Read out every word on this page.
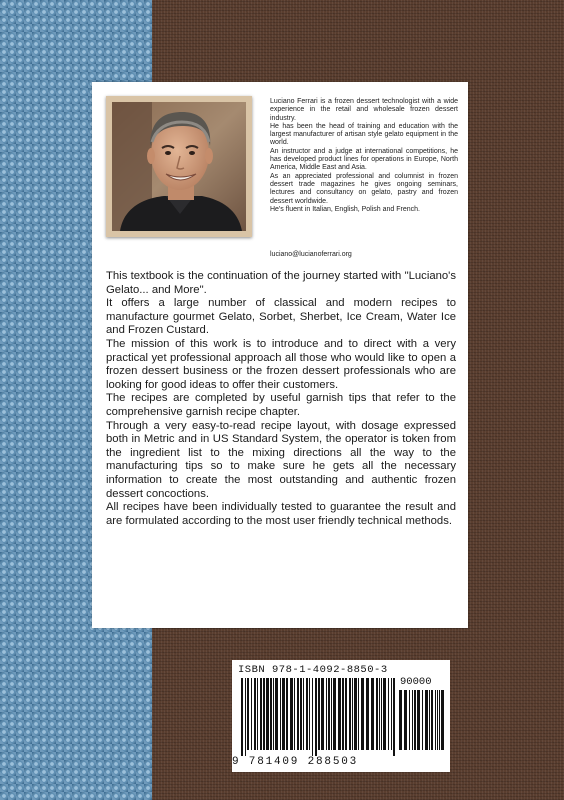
Luciano Ferrari is a frozen dessert technologist with a wide experience in the retail and wholesale frozen dessert industry.

He has been the head of training and education with the largest manufacturer of artisan style gelato equipment in the world.

An instructor and a judge at international competitions, he has developed product lines for operations in Europe, North America, Middle East and Asia.

As an appreciated professional and columnist in frozen dessert trade magazines he gives ongoing seminars, lectures and consultancy on gelato, pastry and frozen dessert worldwide.

He's fluent in Italian, English, Polish and French.

luciano@lucianoferrari.org

This textbook is the continuation of the journey started with "Luciano's Gelato... and More".

It offers a large number of classical and modern recipes to manufacture gourmet Gelato, Sorbet, Sherbet, Ice Cream, Water Ice and Frozen Custard.

The mission of this work is to introduce and to direct with a very practical yet professional approach all those who would like to open a frozen dessert business or the frozen dessert professionals who are looking for good ideas to offer their customers.

The recipes are completed by useful garnish tips that refer to the comprehensive garnish recipe chapter.

Through a very easy-to-read recipe layout, with dosage expressed both in Metric and in US Standard System, the operator is token from the ingredient list to the mixing directions all the way to the manufacturing tips so to make sure he gets all the necessary information to create the most outstanding and authentic frozen dessert concoctions.

All recipes have been individually tested to guarantee the result and are formulated according to the most user friendly technical methods.

ISBN 978-1-4092-8850-3
90000
9 781409 288503
